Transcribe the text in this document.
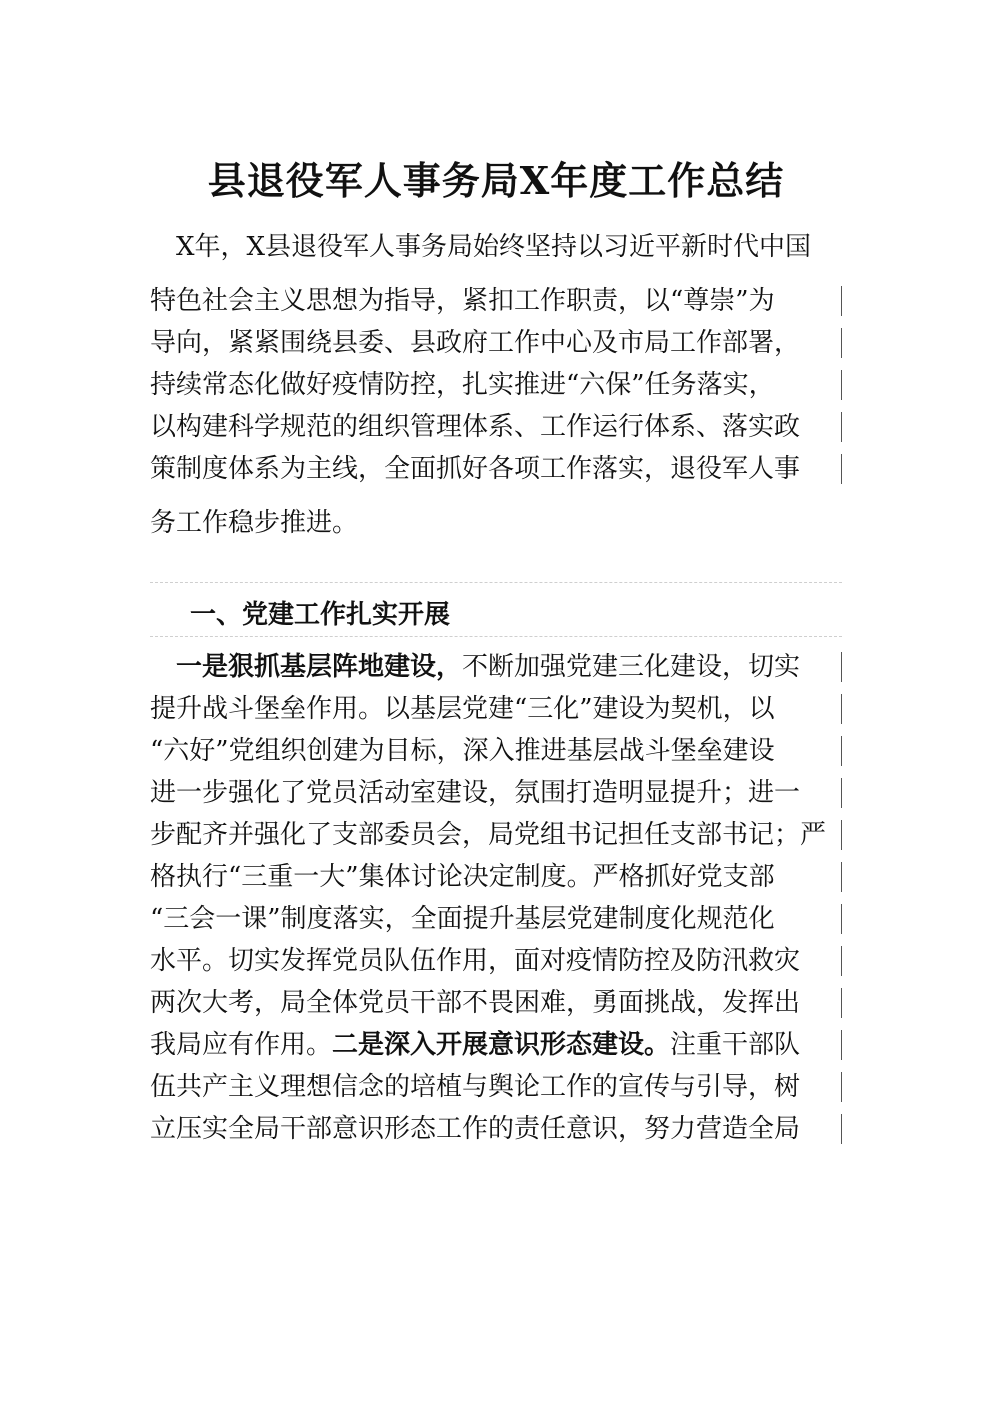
县退役军人事务局X年度工作总结
　X年，X县退役军人事务局始终坚持以习近平新时代中国
特色社会主义思想为指导，紧扣工作职责，以“尊崇”为
导向，紧紧围绕县委、县政府工作中心及市局工作部署，
持续常态化做好疫情防控，扎实推进“六保”任务落实，
以构建科学规范的组织管理体系、工作运行体系、落实政
策制度体系为主线，全面抓好各项工作落实，退役军人事
务工作稳步推进。
一、党建工作扎实开展
　一是狠抓基层阵地建设，不断加强党建三化建设，切实
提升战斗堡垒作用。以基层党建“三化”建设为契机，以
“六好”党组织创建为目标，深入推进基层战斗堡垒建设
进一步强化了党员活动室建设，氛围打造明显提升；进一
步配齐并强化了支部委员会，局党组书记担任支部书记；严
格执行“三重一大”集体讨论决定制度。严格抓好党支部
“三会一课”制度落实，全面提升基层党建制度化规范化
水平。切实发挥党员队伍作用，面对疫情防控及防汛救灾
两次大考，局全体党员干部不畏困难，勇面挑战，发挥出
我局应有作用。二是深入开展意识形态建设。注重干部队
伍共产主义理想信念的培植与舆论工作的宣传与引导，树
立压实全局干部意识形态工作的责任意识，努力营造全局
